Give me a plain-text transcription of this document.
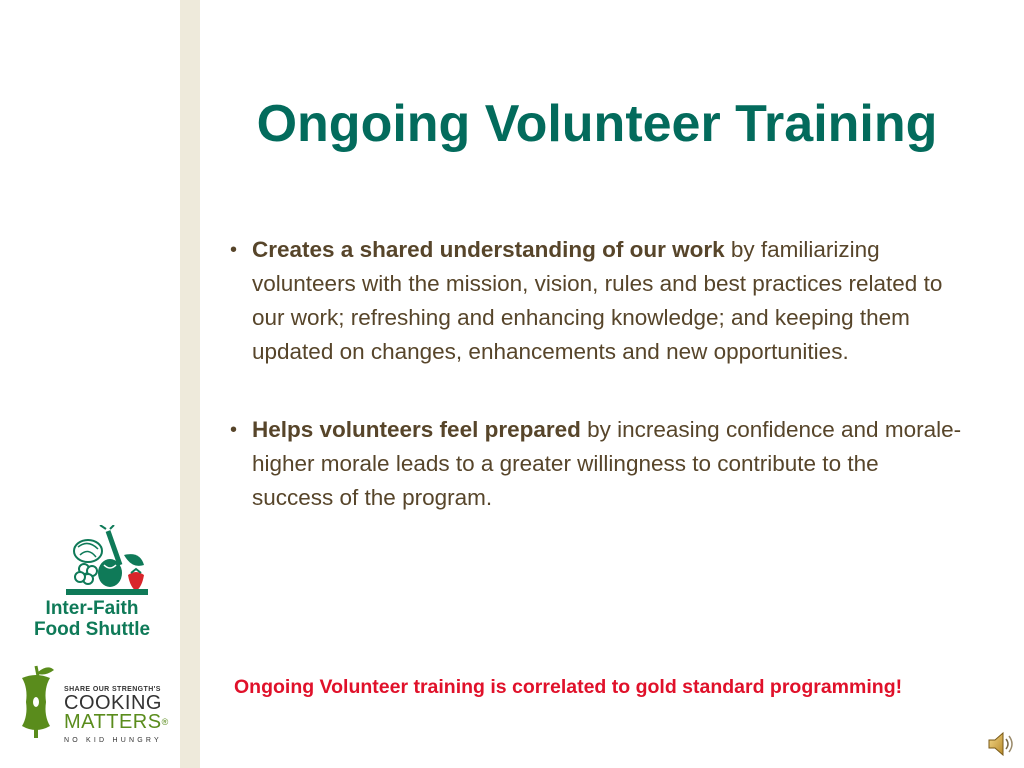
Inter-Faith
Food Shuttle
SHARE OUR STRENGTH'S
COOKING
MATTERS®
NO KID HUNGRY
Ongoing Volunteer Training
• Creates a shared understanding of our work by familiarizing volunteers with the mission, vision, rules and best practices related to our work; refreshing and enhancing knowledge; and keeping them updated on changes, enhancements and new opportunities.
• Helps volunteers feel prepared by increasing confidence and morale- higher morale leads to a greater willingness to contribute to the success of the program.
Ongoing Volunteer training is correlated to gold standard programming!
